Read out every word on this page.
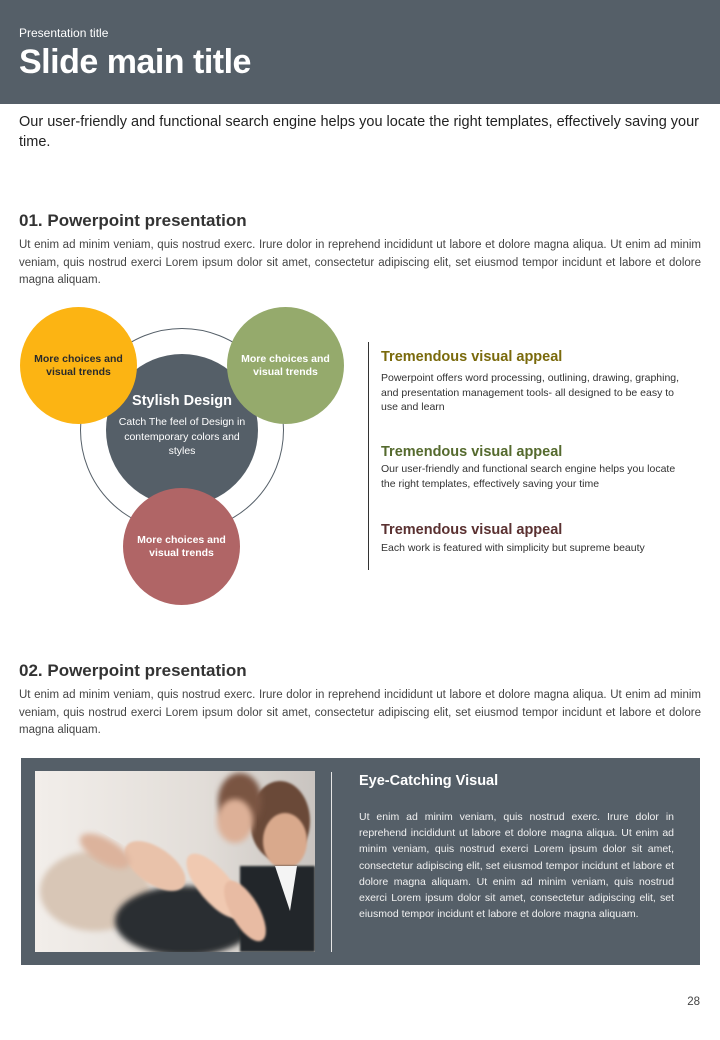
Presentation title
Slide main title
Our user-friendly and functional search engine helps you locate the right templates, effectively saving your time.
01. Powerpoint presentation
Ut enim ad minim veniam, quis nostrud exerc. Irure dolor in reprehend incididunt ut labore et dolore magna aliqua. Ut enim ad minim veniam, quis nostrud exerci Lorem ipsum dolor sit amet, consectetur adipiscing elit, set eiusmod tempor incidunt et labore et dolore magna aliquam.
Stylish Design
Catch The feel of Design in contemporary colors and styles
More choices and visual trends
More choices and visual trends
More choices and visual trends
Tremendous visual appeal
Powerpoint offers word processing, outlining, drawing, graphing, and presentation management tools- all designed to be easy to use and learn
Tremendous visual appeal
Our user-friendly and functional search engine helps you locate the right templates, effectively saving your time
Tremendous visual appeal
Each work is featured with simplicity but supreme beauty
02. Powerpoint presentation
Ut enim ad minim veniam, quis nostrud exerc. Irure dolor in reprehend incididunt ut labore et dolore magna aliqua. Ut enim ad minim veniam, quis nostrud exerci Lorem ipsum dolor sit amet, consectetur adipiscing elit, set eiusmod tempor incidunt et labore et dolore magna aliquam.
Eye-Catching Visual
Ut enim ad minim veniam, quis nostrud exerc. Irure dolor in reprehend incididunt ut labore et dolore magna aliqua. Ut enim ad minim veniam, quis nostrud exerci Lorem ipsum dolor sit amet, consectetur adipiscing elit, set eiusmod tempor incidunt et labore et dolore magna aliquam. Ut enim ad minim veniam, quis nostrud exerci Lorem ipsum dolor sit amet, consectetur adipiscing elit, set eiusmod tempor incidunt et labore et dolore magna aliquam.
28
